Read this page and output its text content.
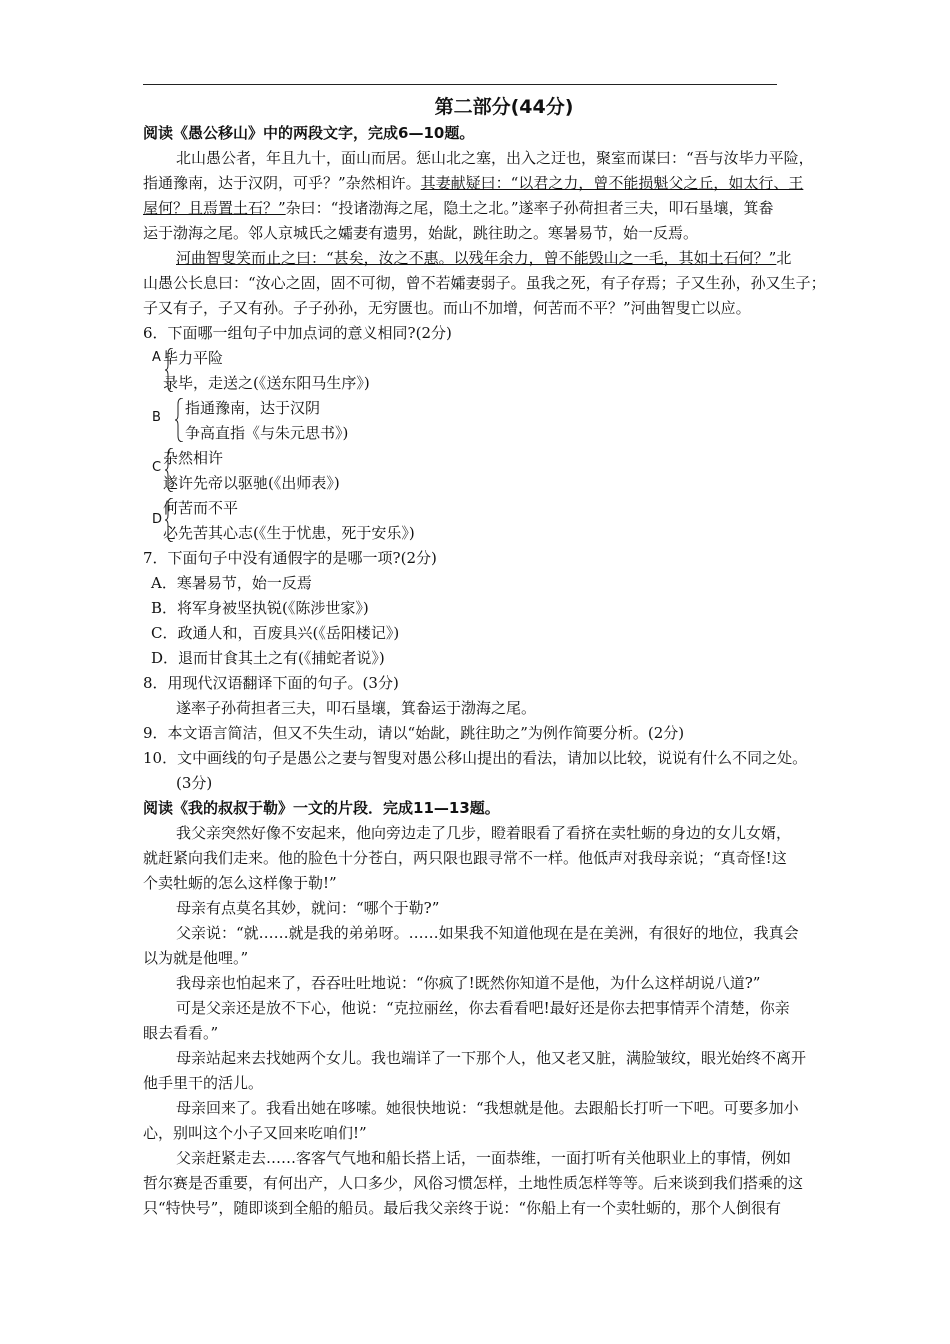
第二部分(44分)
阅读《愚公移山》中的两段文字，完成6—10题。
北山愚公者，年且九十，面山而居。惩山北之塞，出入之迂也，聚室而谋曰：“吾与汝毕力平险，
指通豫南，达于汉阴，可乎？”杂然相许。其妻献疑曰：“以君之力，曾不能损魁父之丘，如太行、王
屋何？且焉置土石？”杂曰：“投诸渤海之尾，隐土之北。”遂率子孙荷担者三夫，叩石垦壤，箕畚
运于渤海之尾。邻人京城氏之孀妻有遗男，始龀，跳往助之。寒暑易节，始一反焉。
河曲智叟笑而止之曰：“甚矣，汝之不惠。以残年余力，曾不能毁山之一毛，其如土石何？”北
山愚公长息曰：“汝心之固，固不可彻，曾不若孀妻弱子。虽我之死，有子存焉；子又生孙，孙又生子；
子又有子，子又有孙。子子孙孙，无穷匮也。而山不加增，何苦而不平？”河曲智叟亡以应。
6．下面哪一组句子中加点词的意义相同?(2分)
A 毕力平险
录毕，走送之(《送东阳马生序》)
B
指通豫南，达于汉阴
争高直指《与朱元思书》)
C
杂然相许
遂许先帝以驱驰(《出师表》)
D
何苦而不平
必先苦其心志(《生于忧患，死于安乐》)
7．下面句子中没有通假字的是哪一项?(2分)
A．寒暑易节，始一反焉
B．将军身被坚执锐(《陈涉世家》)
C．政通人和，百废具兴(《岳阳楼记》)
D．退而甘食其土之有(《捕蛇者说》)
8．用现代汉语翻译下面的句子。(3分)
遂率子孙荷担者三夫，叩石垦壤，箕畚运于渤海之尾。
9．本文语言简洁，但又不失生动，请以“始龀，跳往助之”为例作简要分析。(2分)
10．文中画线的句子是愚公之妻与智叟对愚公移山提出的看法，请加以比较，说说有什么不同之处。
(3分)
阅读《我的叔叔于勒》一文的片段．完成11—13题。
我父亲突然好像不安起来，他向旁边走了几步，瞪着眼看了看挤在卖牡蛎的身边的女儿女婿，
就赶紧向我们走来。他的脸色十分苍白，两只限也跟寻常不一样。他低声对我母亲说；“真奇怪!这
个卖牡蛎的怎么这样像于勒!”
母亲有点莫名其妙，就问：“哪个于勒?”
父亲说：“就……就是我的弟弟呀。……如果我不知道他现在是在美洲，有很好的地位，我真会
以为就是他哩。”
我母亲也怕起来了，吞吞吐吐地说：“你疯了!既然你知道不是他，为什么这样胡说八道?”
可是父亲还是放不下心，他说：“克拉丽丝，你去看看吧!最好还是你去把事情弄个清楚，你亲
眼去看看。”
母亲站起来去找她两个女儿。我也端详了一下那个人，他又老又脏，满脸皱纹，眼光始终不离开
他手里干的活儿。
母亲回来了。我看出她在哆嗦。她很快地说：“我想就是他。去跟船长打听一下吧。可要多加小
心，别叫这个小子又回来吃咱们!”
父亲赶紧走去……客客气气地和船长搭上话，一面恭维，一面打听有关他职业上的事情，例如
哲尔赛是否重要，有何出产，人口多少，风俗习惯怎样，土地性质怎样等等。后来谈到我们搭乘的这
只“特快号”，随即谈到全船的船员。最后我父亲终于说：“你船上有一个卖牡蛎的，那个人倒很有
